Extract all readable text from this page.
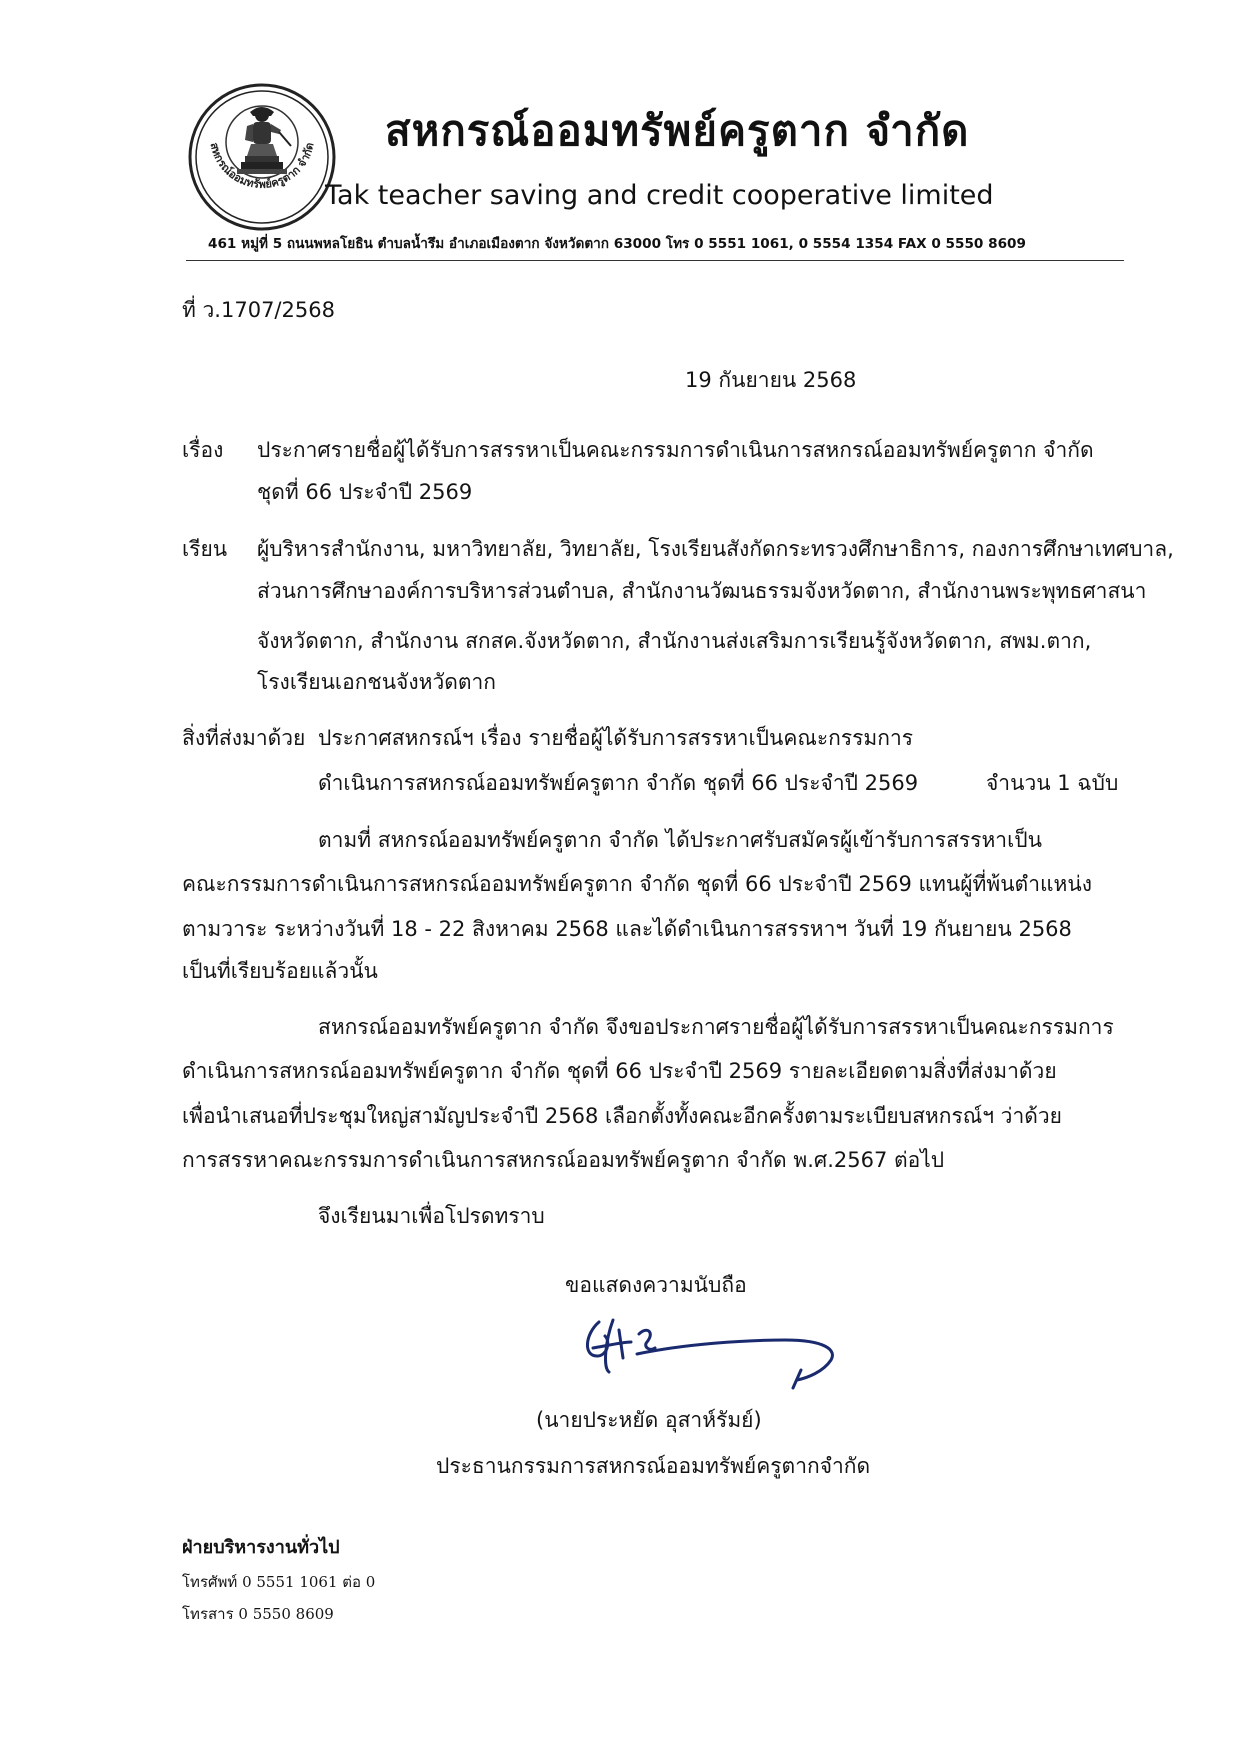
สหกรณ์ออมทรัพย์ครูตาก จำกัด สหกรณ์ออมทรัพย์ครูตาก จำกัด
Tak teacher saving and credit cooperative limited
461 หมู่ที่ 5 ถนนพหลโยธิน ตำบลน้ำรึม อำเภอเมืองตาก จังหวัดตาก 63000 โทร 0 5551 1061, 0 5554 1354 FAX 0 5550 8609
ที่ ว.1707/2568
19 กันยายน 2568
เรื่อง ประกาศรายชื่อผู้ได้รับการสรรหาเป็นคณะกรรมการดำเนินการสหกรณ์ออมทรัพย์ครูตาก จำกัด
ชุดที่ 66 ประจำปี 2569
เรียน ผู้บริหารสำนักงาน, มหาวิทยาลัย, วิทยาลัย, โรงเรียนสังกัดกระทรวงศึกษาธิการ, กองการศึกษาเทศบาล,
ส่วนการศึกษาองค์การบริหารส่วนตำบล, สำนักงานวัฒนธรรมจังหวัดตาก, สำนักงานพระพุทธศาสนา
จังหวัดตาก, สำนักงาน สกสค.จังหวัดตาก, สำนักงานส่งเสริมการเรียนรู้จังหวัดตาก, สพม.ตาก,
โรงเรียนเอกชนจังหวัดตาก
สิ่งที่ส่งมาด้วย ประกาศสหกรณ์ฯ เรื่อง รายชื่อผู้ได้รับการสรรหาเป็นคณะกรรมการ
ดำเนินการสหกรณ์ออมทรัพย์ครูตาก จำกัด ชุดที่ 66 ประจำปี 2569	จำนวน 1 ฉบับ
ตามที่ สหกรณ์ออมทรัพย์ครูตาก จำกัด ได้ประกาศรับสมัครผู้เข้ารับการสรรหาเป็น
คณะกรรมการดำเนินการสหกรณ์ออมทรัพย์ครูตาก จำกัด ชุดที่ 66 ประจำปี 2569 แทนผู้ที่พ้นตำแหน่ง
ตามวาระ ระหว่างวันที่ 18 - 22 สิงหาคม 2568 และได้ดำเนินการสรรหาฯ วันที่ 19 กันยายน 2568
เป็นที่เรียบร้อยแล้วนั้น
สหกรณ์ออมทรัพย์ครูตาก จำกัด จึงขอประกาศรายชื่อผู้ได้รับการสรรหาเป็นคณะกรรมการ
ดำเนินการสหกรณ์ออมทรัพย์ครูตาก จำกัด ชุดที่ 66 ประจำปี 2569 รายละเอียดตามสิ่งที่ส่งมาด้วย
เพื่อนำเสนอที่ประชุมใหญ่สามัญประจำปี 2568 เลือกตั้งทั้งคณะอีกครั้งตามระเบียบสหกรณ์ฯ ว่าด้วย
การสรรหาคณะกรรมการดำเนินการสหกรณ์ออมทรัพย์ครูตาก จำกัด พ.ศ.2567 ต่อไป
จึงเรียนมาเพื่อโปรดทราบ
ขอแสดงความนับถือ
(นายประหยัด อุสาห์รัมย์)
ประธานกรรมการสหกรณ์ออมทรัพย์ครูตากจำกัด
ฝ่ายบริหารงานทั่วไป
โทรศัพท์ 0 5551 1061 ต่อ 0
โทรสาร 0 5550 8609
